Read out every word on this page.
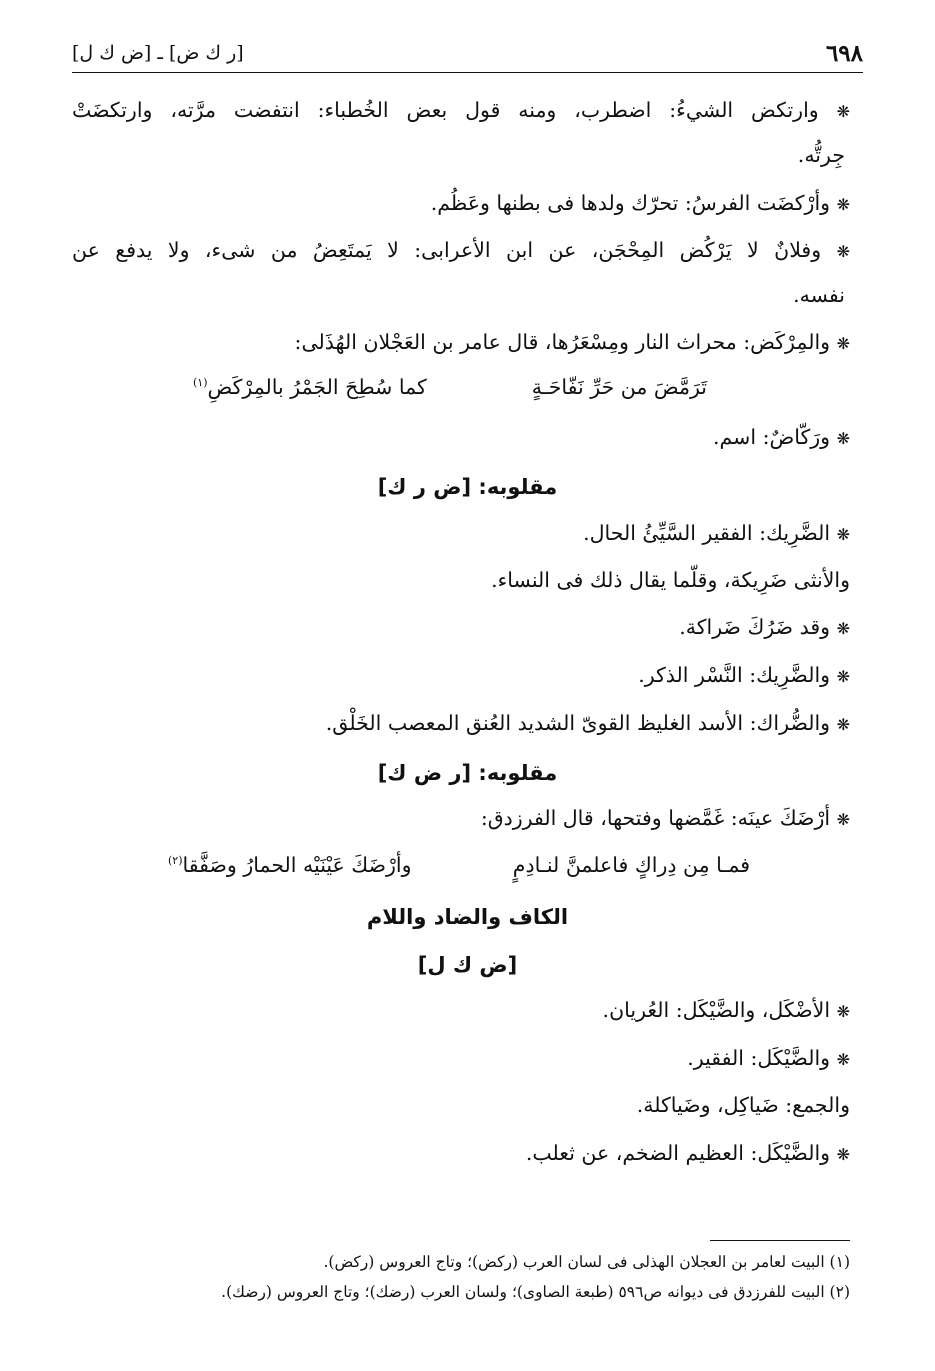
٦٩٨
[ر ك ض] ـ [ض ك ل]
❋ وارتكض الشيءُ: اضطرب، ومنه قول بعض الخُطباء: انتفضت مرَّته، وارتكضَتْ
جِرتُّه.
❋ وأرْكضَت الفرسُ: تحرّك ولدها فى بطنها وعَظُم.
❋ وفلانٌ لا يَرْكُض المِحْجَن، عن ابن الأعرابى: لا يَمتَعِضُ من شىء، ولا يدفع عن
نفسه.
❋ والمِرْكَض: محراث النار ومِسْعَرُها، قال عامر بن العَجْلان الهُذَلى:
تَرَمَّضَ من حَرِّ نَفّاحَـةٍ
كما سُطِحَ الجَمْرُ بالمِرْكَضِ$^{(١)}$
❋ ورَكّاضٌ: اسم.
مقلوبه: [ض ر ك]
❋ الضَّرِيك: الفقير السَّيِّئُ الحال.
والأنثى ضَرِيكة، وقلّما يقال ذلك فى النساء.
❋ وقد ضَرُكَ ضَراكة.
❋ والضَّرِيك: النَّسْر الذكر.
❋ والضُّراك: الأسد الغليظ القوىّ الشديد العُنق المعصب الخَلْق.
مقلوبه: [ر ض ك]
❋ أرْضَكَ عينَه: غَمَّضها وفتحها، قال الفرزدق:
فمـا مِن دِراكٍ فاعلمنَّ لنـادِمٍ
وأرْضَكَ عَيْنَيْه الحمارُ وصَفَّقا$^{(٢)}$
الكاف والضاد واللام
[ض ك ل]
❋ الأضْكَل، والضَّيْكَل: العُريان.
❋ والضَّيْكَل: الفقير.
والجمع: ضَياكِل، وضَياكلة.
❋ والضَّيْكَل: العظيم الضخم، عن ثعلب.
(١) البيت لعامر بن العجلان الهذلى فى لسان العرب (ركض)؛ وتاج العروس (ركض).
(٢) البيت للفرزدق فى ديوانه ص٥٩٦ (طبعة الصاوى)؛ ولسان العرب (رضك)؛ وتاج العروس (رضك).
